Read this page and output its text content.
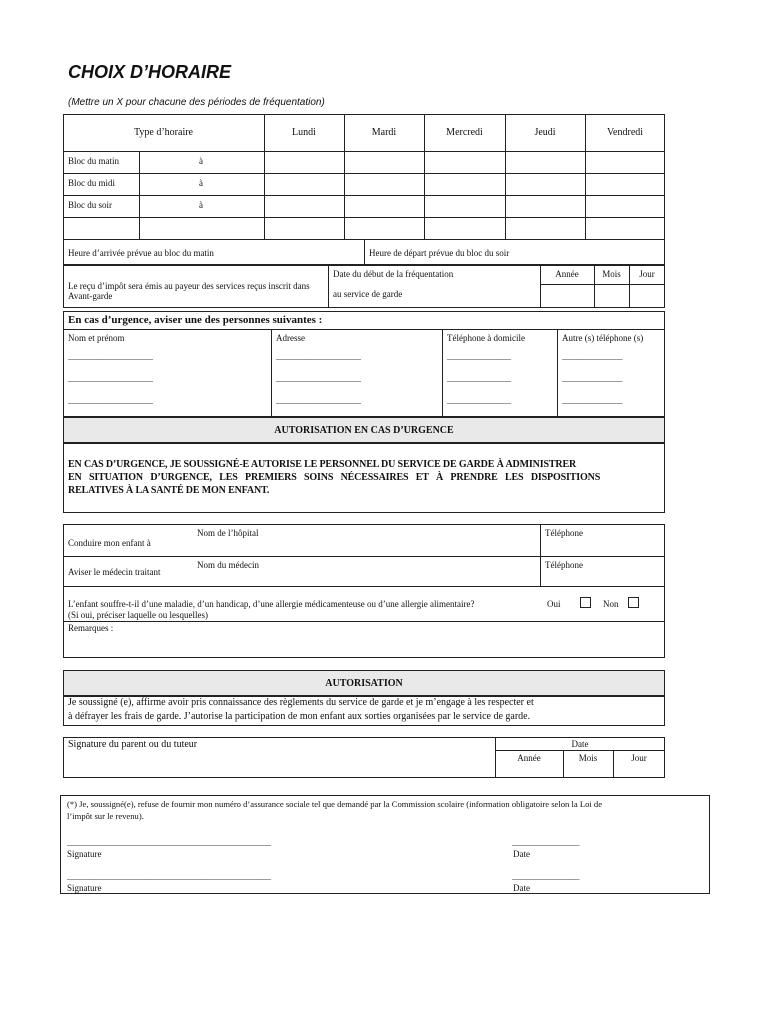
CHOIX D’HORAIRE
(Mettre un X pour chacune des périodes de fréquentation)
Type d’horaire	Lundi	Mardi	Mercredi	Jeudi	Vendredi
Bloc du matin	à
Bloc du midi	à
Bloc du soir	à
Heure d’arrivée prévue au bloc du matin	Heure de départ prévue du bloc du soir
Le reçu d’impôt sera émis au payeur des services reçus inscrit dans Avant-garde
Date du début de la fréquentation
au service de garde
Année	Mois	Jour
En cas d’urgence, aviser une des personnes suivantes :
Nom et prénom	Adresse	Téléphone à domicile	Autre (s) téléphone (s)
________________________	________________________	__________________	_________________
________________________	________________________	__________________	_________________
________________________	________________________	__________________	_________________
AUTORISATION EN CAS D’URGENCE
EN CAS D’URGENCE, JE SOUSSIGNÉ-E AUTORISE LE PERSONNEL DU SERVICE DE GARDE À ADMINISTRER
EN SITUATION D’URGENCE, LES PREMIERS SOINS NÉCESSAIRES ET À PRENDRE LES DISPOSITIONS
RELATIVES À LA SANTÉ DE MON ENFANT.
Nom de l’hôpital
Conduire mon enfant à
Téléphone
Nom du médecin
Aviser le médecin traitant
Téléphone
L’enfant souffre-t-il d’une maladie, d’un handicap, d’une allergie médicamenteuse ou d’une allergie alimentaire?	Oui	Non
(Si oui, préciser laquelle ou lesquelles)
Remarques :
AUTORISATION
Je soussigné (e), affirme avoir pris connaissance des règlements du service de garde et je m’engage à les respecter et
à défrayer les frais de garde. J’autorise la participation de mon enfant aux sorties organisées par le service de garde.
Signature du parent ou du tuteur	Date
Année	Mois	Jour
(*) Je, soussigné(e), refuse de fournir mon numéro d’assurance sociale tel que demandé par la Commission scolaire (information obligatoire selon la Loi de
l’impôt sur le revenu).
__________________________________________________________	___________________
Signature	Date
__________________________________________________________	___________________
Signature	Date
